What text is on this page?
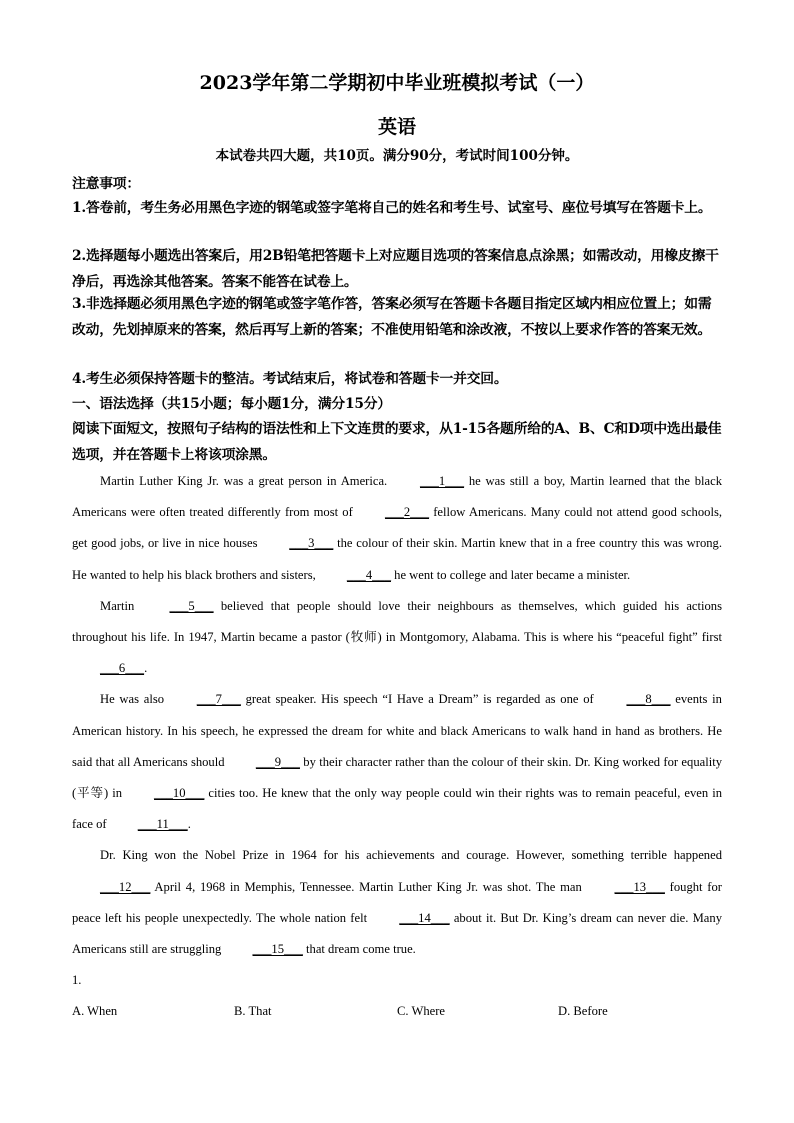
2023学年第二学期初中毕业班模拟考试（一）
英语
本试卷共四大题，共10页。满分90分，考试时间100分钟。

注意事项：

1.答卷前，考生务必用黑色字迹的钢笔或签字笔将自己的姓名和考生号、试室号、座位号填写在答题卡上。

2.选择题每小题选出答案后，用2B铅笔把答题卡上对应题目选项的答案信息点涂黑；如需改动，用橡皮擦干净后，再选涂其他答案。答案不能答在试卷上。

3.非选择题必须用黑色字迹的钢笔或签字笔作答，答案必须写在答题卡各题目指定区域内相应位置上；如需改动，先划掉原来的答案，然后再写上新的答案；不准使用铅笔和涂改液，不按以上要求作答的答案无效。

4.考生必须保持答题卡的整洁。考试结束后，将试卷和答题卡一并交回。

一、语法选择（共15小题；每小题1分，满分15分）

阅读下面短文，按照句子结构的语法性和上下文连贯的要求，从1-15各题所给的A、B、C和D项中选出最佳选项，并在答题卡上将该项涂黑。

Martin Luther King Jr. was a great person in America. ___1___ he was still a boy, Martin learned that the black Americans were often treated differently from most of ___2___ fellow Americans. Many could not attend good schools, get good jobs, or live in nice houses ___3___ the colour of their skin. Martin knew that in a free country this was wrong. He wanted to help his black brothers and sisters, ___4___ he went to college and later became a minister.

Martin ___5___ believed that people should love their neighbours as themselves, which guided his actions throughout his life. In 1947, Martin became a pastor (牧师) in Montgomory, Alabama. This is where his “peaceful fight” first ___6___.

He was also ___7___ great speaker. His speech “I Have a Dream” is regarded as one of ___8___ events in American history. In his speech, he expressed the dream for white and black Americans to walk hand in hand as brothers. He said that all Americans should ___9___ by their character rather than the colour of their skin. Dr. King worked for equality (平等) in ___10___ cities too. He knew that the only way people could win their rights was to remain peaceful, even in face of ___11___.

Dr. King won the Nobel Prize in 1964 for his achievements and courage. However, something terrible happened ___12___ April 4, 1968 in Memphis, Tennessee. Martin Luther King Jr. was shot. The man ___13___ fought for peace left his people unexpectedly. The whole nation felt ___14___ about it. But Dr. King’s dream can never die. Many Americans still are struggling ___15___ that dream come true.

1.
A. When	B. That	C. Where	D. Before
